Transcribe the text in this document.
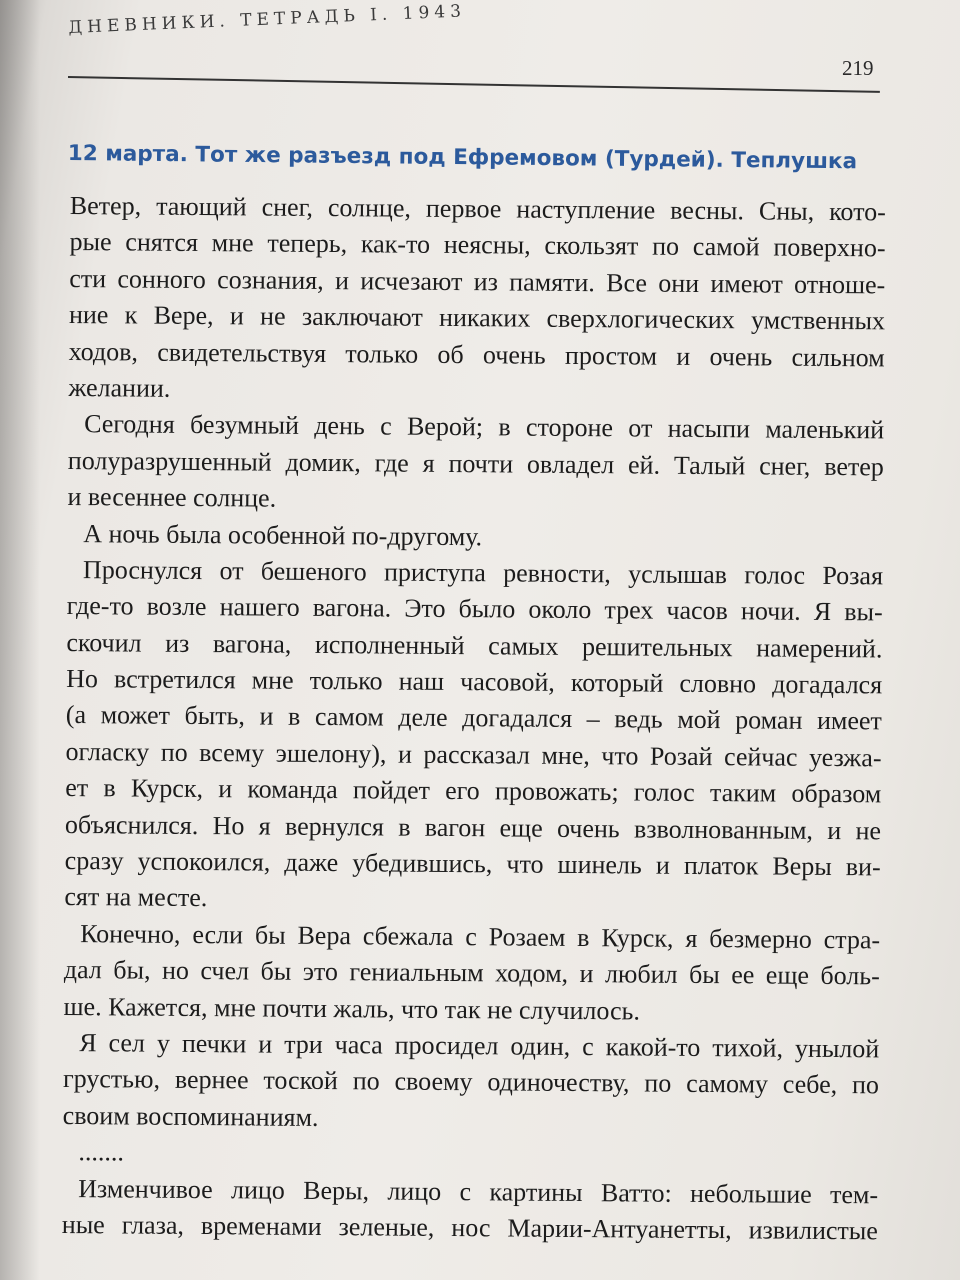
ДНЕВНИКИ. ТЕТРАДЬ I. 1943
219
12 марта. Тот же разъезд под Ефремовом (Турдей). Теплушка
Ветер, тающий снег, солнце, первое наступление весны. Сны, кото-
рые снятся мне теперь, как-то неясны, скользят по самой поверхно-
сти сонного сознания, и исчезают из памяти. Все они имеют отноше-
ние к Вере, и не заключают никаких сверхлогических умственных
ходов, свидетельствуя только об очень простом и очень сильном
желании.
Сегодня безумный день с Верой; в стороне от насыпи маленький
полуразрушенный домик, где я почти овладел ей. Талый снег, ветер
и весеннее солнце.
А ночь была особенной по-другому.
Проснулся от бешеного приступа ревности, услышав голос Розая
где-то возле нашего вагона. Это было около трех часов ночи. Я вы-
скочил из вагона, исполненный самых решительных намерений.
Но встретился мне только наш часовой, который словно догадался
(а может быть, и в самом деле догадался – ведь мой роман имеет
огласку по всему эшелону), и рассказал мне, что Розай сейчас уезжа-
ет в Курск, и команда пойдет его провожать; голос таким образом
объяснился. Но я вернулся в вагон еще очень взволнованным, и не
сразу успокоился, даже убедившись, что шинель и платок Веры ви-
сят на месте.
Конечно, если бы Вера сбежала с Розаем в Курск, я безмерно стра-
дал бы, но счел бы это гениальным ходом, и любил бы ее еще боль-
ше. Кажется, мне почти жаль, что так не случилось.
Я сел у печки и три часа просидел один, с какой-то тихой, унылой
грустью, вернее тоской по своему одиночеству, по самому себе, по
своим воспоминаниям.
.......
Изменчивое лицо Веры, лицо с картины Ватто: небольшие тем-
ные глаза, временами зеленые, нос Марии-Антуанетты, извилистые
